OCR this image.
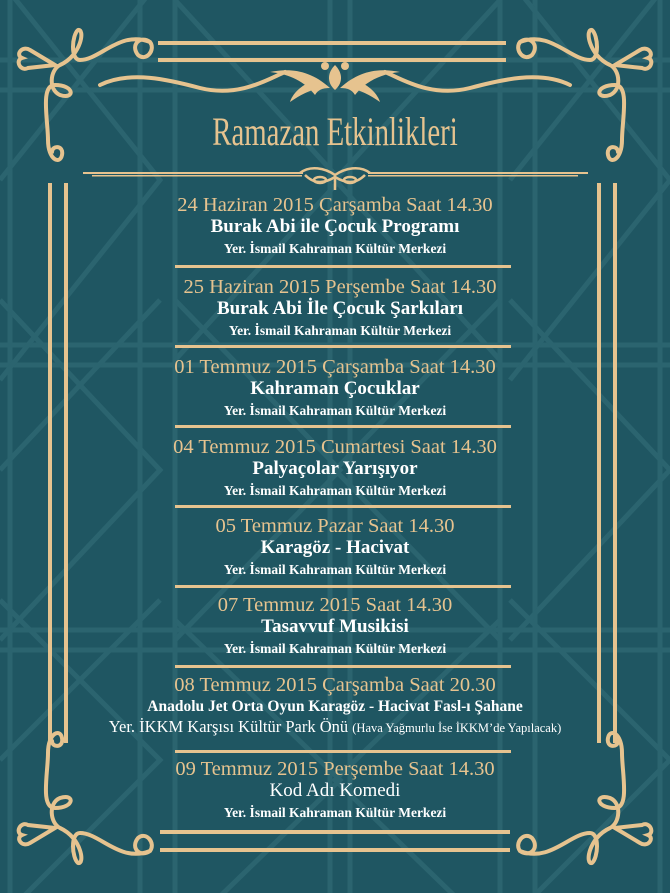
Ramazan Etkinlikleri
24 Haziran 2015 Çarşamba Saat 14.30
Burak Abi ile Çocuk Programı
Yer. İsmail Kahraman Kültür Merkezi
25 Haziran 2015 Perşembe Saat 14.30
Burak Abi İle Çocuk Şarkıları
Yer. İsmail Kahraman Kültür Merkezi
01 Temmuz 2015 Çarşamba Saat 14.30
Kahraman Çocuklar
Yer. İsmail Kahraman Kültür Merkezi
04 Temmuz 2015 Cumartesi Saat 14.30
Palyaçolar Yarışıyor
Yer. İsmail Kahraman Kültür Merkezi
05 Temmuz Pazar Saat 14.30
Karagöz - Hacivat
Yer. İsmail Kahraman Kültür Merkezi
07 Temmuz 2015 Saat 14.30
Tasavvuf Musikisi
Yer. İsmail Kahraman Kültür Merkezi
08 Temmuz 2015 Çarşamba Saat 20.30
Anadolu Jet Orta Oyun Karagöz - Hacivat Fasl-ı Şahane
Yer. İKKM Karşısı Kültür Park Önü (Hava Yağmurlu İse İKKM’de Yapılacak)
09 Temmuz 2015 Perşembe Saat 14.30
Kod Adı Komedi
Yer. İsmail Kahraman Kültür Merkezi
